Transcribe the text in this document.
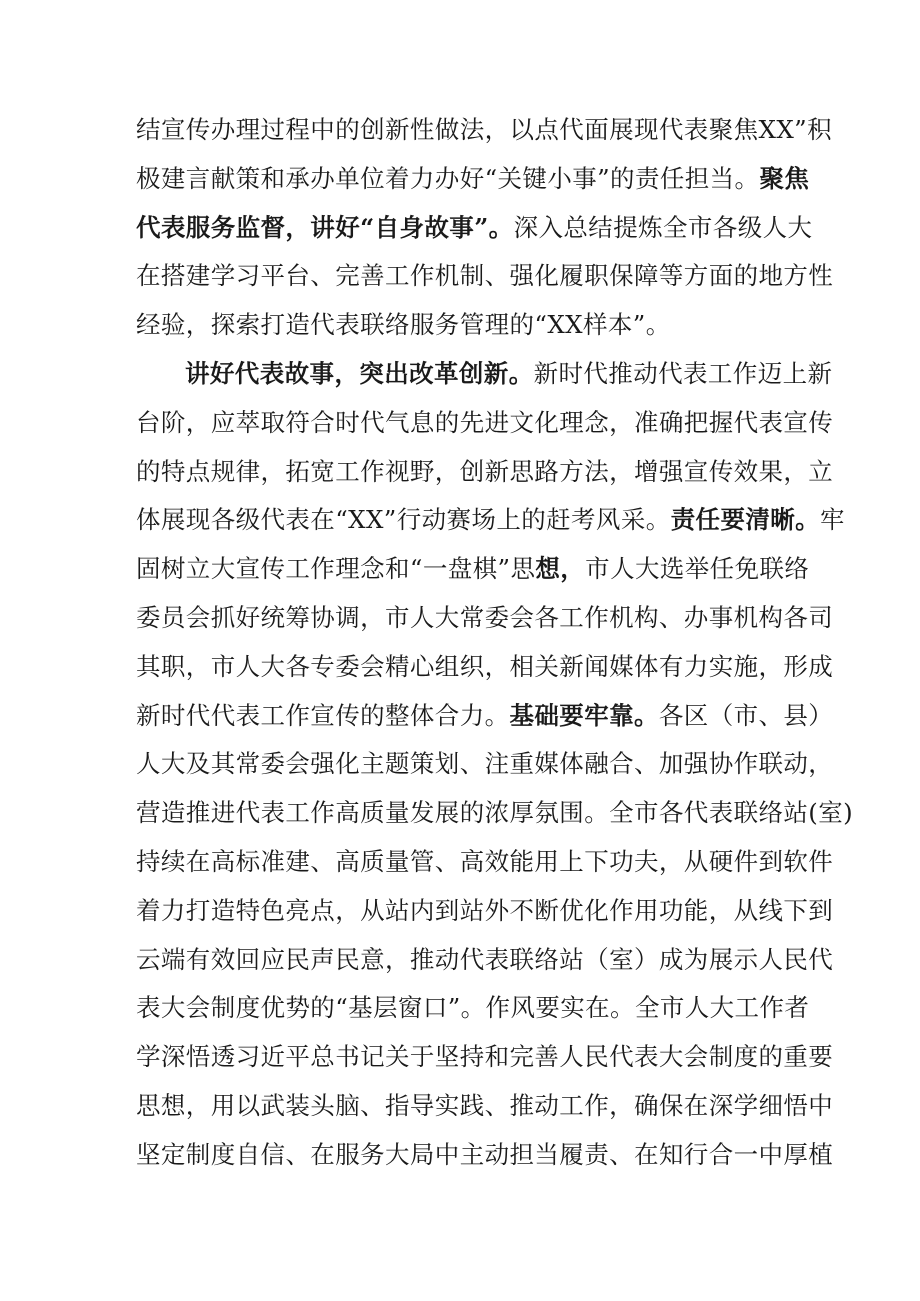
结宣传办理过程中的创新性做法，以点代面展现代表聚焦XX”积
极建言献策和承办单位着力办好“关键小事”的责任担当。聚焦
代表服务监督，讲好“自身故事”。深入总结提炼全市各级人大
在搭建学习平台、完善工作机制、强化履职保障等方面的地方性
经验，探索打造代表联络服务管理的“XX样本”。
讲好代表故事，突出改革创新。新时代推动代表工作迈上新
台阶，应萃取符合时代气息的先进文化理念，准确把握代表宣传
的特点规律，拓宽工作视野，创新思路方法，增强宣传效果，立
体展现各级代表在“XX”行动赛场上的赶考风采。责任要清晰。牢
固树立大宣传工作理念和“一盘棋”思想，市人大选举任免联络
委员会抓好统筹协调，市人大常委会各工作机构、办事机构各司
其职，市人大各专委会精心组织，相关新闻媒体有力实施，形成
新时代代表工作宣传的整体合力。基础要牢靠。各区（市、县）
人大及其常委会强化主题策划、注重媒体融合、加强协作联动，
营造推进代表工作高质量发展的浓厚氛围。全市各代表联络站(室)
持续在高标准建、高质量管、高效能用上下功夫，从硬件到软件
着力打造特色亮点，从站内到站外不断优化作用功能，从线下到
云端有效回应民声民意，推动代表联络站（室）成为展示人民代
表大会制度优势的“基层窗口”。作风要实在。全市人大工作者
学深悟透习近平总书记关于坚持和完善人民代表大会制度的重要
思想，用以武装头脑、指导实践、推动工作，确保在深学细悟中
坚定制度自信、在服务大局中主动担当履责、在知行合一中厚植
